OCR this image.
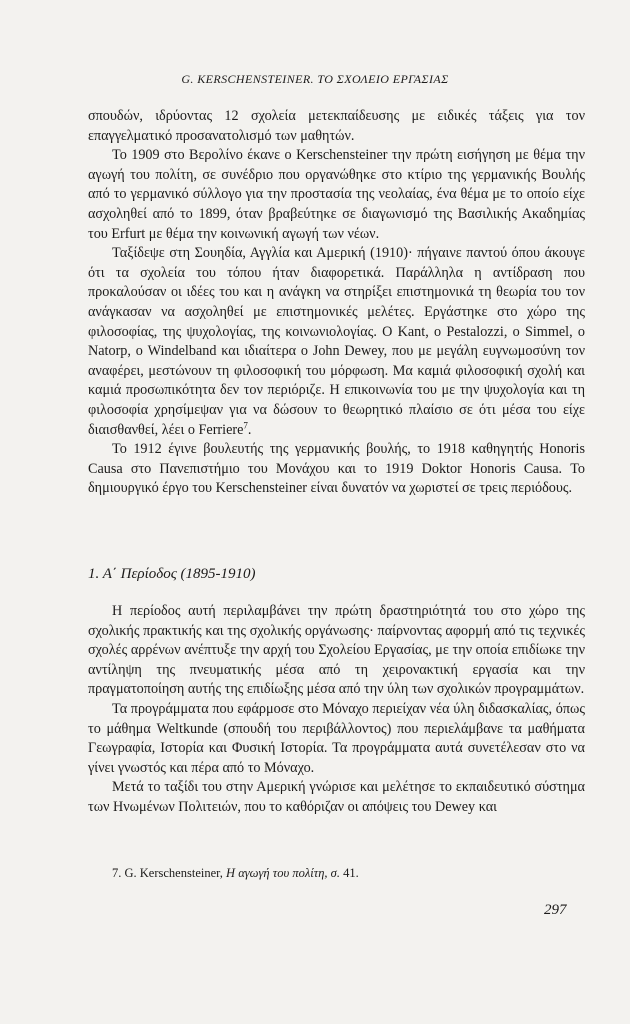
G. KERSCHENSTEINER. ΤΟ ΣΧΟΛΕΙΟ ΕΡΓΑΣΙΑΣ

σπουδών, ιδρύοντας 12 σχολεία μετεκπαίδευσης με ειδικές τάξεις για τον επαγγελματικό προσανατολισμό των μαθητών.

Το 1909 στο Βερολίνο έκανε ο Kerschensteiner την πρώτη εισήγηση με θέμα την αγωγή του πολίτη, σε συνέδριο που οργανώθηκε στο κτίριο της γερμανικής Βουλής από το γερμανικό σύλλογο για την προστασία της νεολαίας, ένα θέμα με το οποίο είχε ασχοληθεί από το 1899, όταν βραβεύτηκε σε διαγωνισμό της Βασιλικής Ακαδημίας του Erfurt με θέμα την κοινωνική αγωγή των νέων.

Ταξίδεψε στη Σουηδία, Αγγλία και Αμερική (1910)· πήγαινε παντού όπου άκουγε ότι τα σχολεία του τόπου ήταν διαφορετικά. Παράλληλα η αντίδραση που προκαλούσαν οι ιδέες του και η ανάγκη να στηρίξει επιστημονικά τη θεωρία του τον ανάγκασαν να ασχοληθεί με επιστημονικές μελέτες. Εργάστηκε στο χώρο της φιλοσοφίας, της ψυχολογίας, της κοινωνιολογίας. Ο Kant, ο Pestalozzi, ο Simmel, ο Natorp, ο Windelband και ιδιαίτερα ο John Dewey, που με μεγάλη ευγνωμοσύνη τον αναφέρει, μεστώνουν τη φιλοσοφική του μόρφωση. Μα καμιά φιλοσοφική σχολή και καμιά προσωπικότητα δεν τον περιόριζε. Η επικοινωνία του με την ψυχολογία και τη φιλοσοφία χρησίμεψαν για να δώσουν το θεωρητικό πλαίσιο σε ότι μέσα του είχε διαισθανθεί, λέει ο Ferriere$^7$.

Το 1912 έγινε βουλευτής της γερμανικής βουλής, το 1918 καθηγητής Honoris Causa στο Πανεπιστήμιο του Μονάχου και το 1919 Doktor Honoris Causa. Το δημιουργικό έργο του Kerschensteiner είναι δυνατόν να χωριστεί σε τρεις περιόδους.

1. Α΄ Περίοδος (1895-1910)

Η περίοδος αυτή περιλαμβάνει την πρώτη δραστηριότητά του στο χώρο της σχολικής πρακτικής και της σχολικής οργάνωσης· παίρνοντας αφορμή από τις τεχνικές σχολές αρρένων ανέπτυξε την αρχή του Σχολείου Εργασίας, με την οποία επιδίωκε την αντίληψη της πνευματικής μέσα από τη χειρονακτική εργασία και την πραγματοποίηση αυτής της επιδίωξης μέσα από την ύλη των σχολικών προγραμμάτων.

Τα προγράμματα που εφάρμοσε στο Μόναχο περιείχαν νέα ύλη διδασκαλίας, όπως το μάθημα Weltkunde (σπουδή του περιβάλλοντος) που περιελάμβανε τα μαθήματα Γεωγραφία, Ιστορία και Φυσική Ιστορία. Τα προγράμματα αυτά συνετέλεσαν στο να γίνει γνωστός και πέρα από το Μόναχο.

Μετά το ταξίδι του στην Αμερική γνώρισε και μελέτησε το εκπαιδευτικό σύστημα των Ηνωμένων Πολιτειών, που το καθόριζαν οι απόψεις του Dewey και

7. G. Kerschensteiner, Η αγωγή του πολίτη, σ. 41.
297
